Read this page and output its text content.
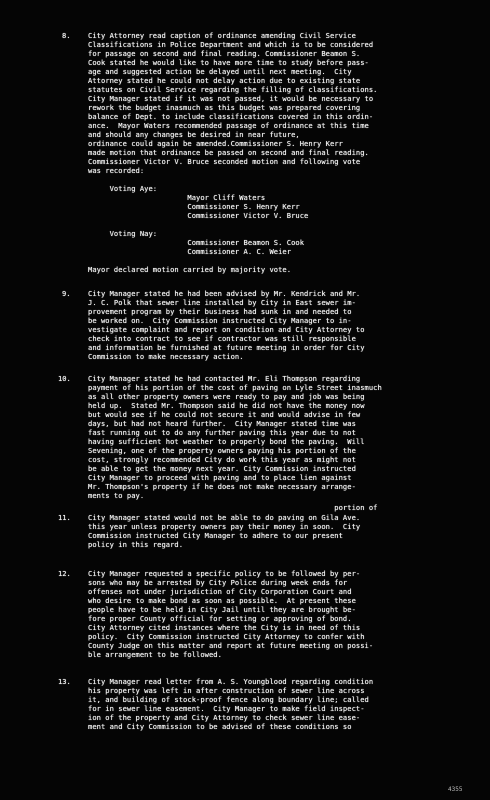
8. City Attorney read caption of ordinance amending Civil Service
Classifications in Police Department and which is to be considered
for passage on second and final reading. Commissioner Beamon S.
Cook stated he would like to have more time to study before pass-
age and suggested action be delayed until next meeting.  City
Attorney stated he could not delay action due to existing state
statutes on Civil Service regarding the filling of classifications.
City Manager stated if it was not passed, it would be necessary to
rework the budget inasmuch as this budget was prepared covering
balance of Dept. to include classifications covered in this ordin-
ance.  Mayor Waters recommended passage of ordinance at this time
and should any changes be desired in near future,
ordinance could again be amended.Commissioner S. Henry Kerr
made motion that ordinance be passed on second and final reading.
Commissioner Victor V. Bruce seconded motion and following vote
was recorded:
Voting Aye:
Mayor Cliff Waters
Commissioner S. Henry Kerr
Commissioner Victor V. Bruce
Voting Nay:
Commissioner Beamon S. Cook
Commissioner A. C. Weier
Mayor declared motion carried by majority vote.
9. City Manager stated he had been advised by Mr. Kendrick and Mr.
J. C. Polk that sewer line installed by City in East sewer im-
provement program by their business had sunk in and needed to
be worked on.  City Commission instructed City Manager to in-
vestigate complaint and report on condition and City Attorney to
check into contract to see if contractor was still responsible
and information be furnished at future meeting in order for City
Commission to make necessary action.
10. City Manager stated he had contacted Mr. Eli Thompson regarding
payment of his portion of the cost of paving on Lyle Street inasmuch
as all other property owners were ready to pay and job was being
held up.  Stated Mr. Thompson said he did not have the money now
but would see if he could not secure it and would advise in few
days, but had not heard further.  City Manager stated time was
fast running out to do any further paving this year due to not
having sufficient hot weather to properly bond the paving.  Will
Sevening, one of the property owners paying his portion of the
cost, strongly recommended City do work this year as might not
be able to get the money next year. City Commission instructed
City Manager to proceed with paving and to place lien against
Mr. Thompson's property if he does not make necessary arrange-
ments to pay.
11.
portion of
City Manager stated would not be able to do paving on Gila Ave.
this year unless property owners pay their money in soon.  City
Commission instructed City Manager to adhere to our present
policy in this regard.
12. City Manager requested a specific policy to be followed by per-
sons who may be arrested by City Police during week ends for
offenses not under jurisdiction of City Corporation Court and
who desire to make bond as soon as possible.  At present these
people have to be held in City Jail until they are brought be-
fore proper County official for setting or approving of bond.
City Attorney cited instances where the City is in need of this
policy.  City Commission instructed City Attorney to confer with
County Judge on this matter and report at future meeting on possi-
ble arrangement to be followed.
13. City Manager read letter from A. S. Youngblood regarding condition
his property was left in after construction of sewer line across
it, and building of stock-proof fence along boundary line; called
for in sewer line easement.  City Manager to make field inspect-
ion of the property and City Attorney to check sewer line ease-
ment and City Commission to be advised of these conditions so
4355
